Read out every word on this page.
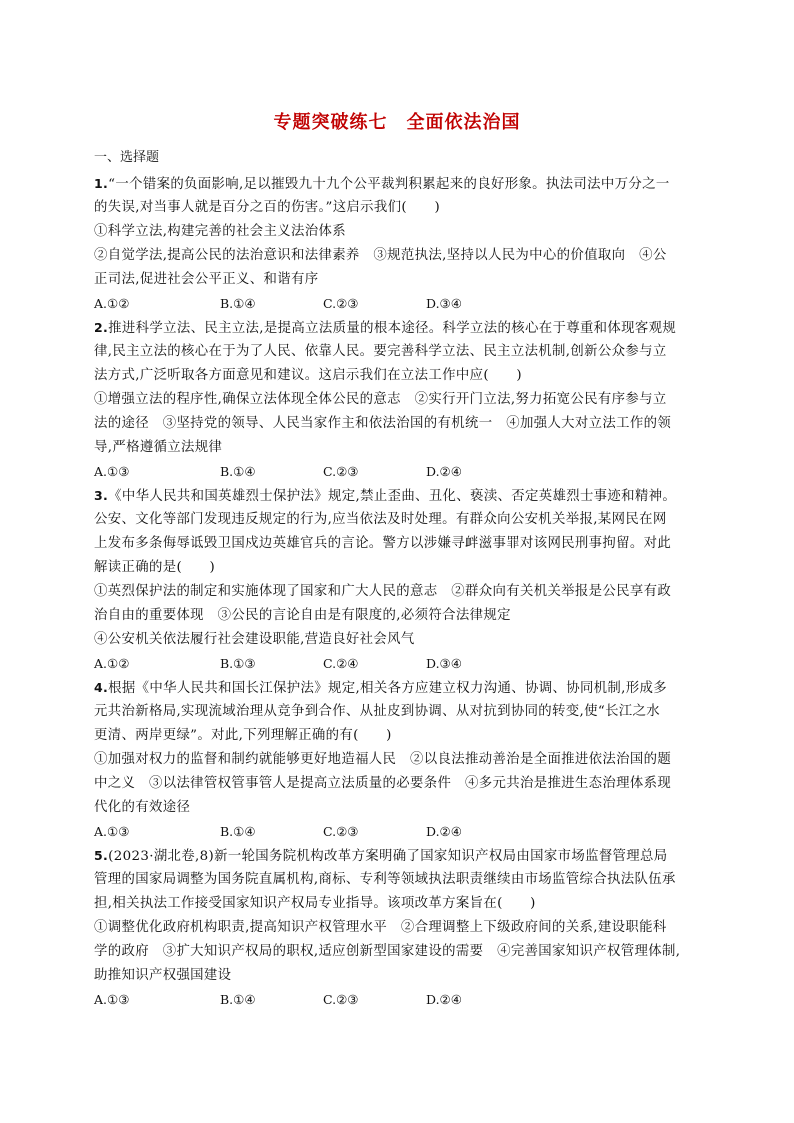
专题突破练七　全面依法治国
一、选择题
1.“一个错案的负面影响,足以摧毁九十九个公平裁判积累起来的良好形象。执法司法中万分之一
的失误,对当事人就是百分之百的伤害。”这启示我们(　　)
①科学立法,构建完善的社会主义法治体系
②自觉学法,提高公民的法治意识和法律素养　③规范执法,坚持以人民为中心的价值取向　④公
正司法,促进社会公平正义、和谐有序
A.①②	B.①④	C.②③	D.③④
2.推进科学立法、民主立法,是提高立法质量的根本途径。科学立法的核心在于尊重和体现客观规
律,民主立法的核心在于为了人民、依靠人民。要完善科学立法、民主立法机制,创新公众参与立
法方式,广泛听取各方面意见和建议。这启示我们在立法工作中应(　　)
①增强立法的程序性,确保立法体现全体公民的意志　②实行开门立法,努力拓宽公民有序参与立
法的途径　③坚持党的领导、人民当家作主和依法治国的有机统一　④加强人大对立法工作的领
导,严格遵循立法规律
A.①③	B.①④	C.②③	D.②④
3.《中华人民共和国英雄烈士保护法》规定,禁止歪曲、丑化、亵渎、否定英雄烈士事迹和精神。
公安、文化等部门发现违反规定的行为,应当依法及时处理。有群众向公安机关举报,某网民在网
上发布多条侮辱诋毁卫国戍边英雄官兵的言论。警方以涉嫌寻衅滋事罪对该网民刑事拘留。对此
解读正确的是(　　)
①英烈保护法的制定和实施体现了国家和广大人民的意志　②群众向有关机关举报是公民享有政
治自由的重要体现　③公民的言论自由是有限度的,必须符合法律规定
④公安机关依法履行社会建设职能,营造良好社会风气
A.①②	B.①③	C.②④	D.③④
4.根据《中华人民共和国长江保护法》规定,相关各方应建立权力沟通、协调、协同机制,形成多
元共治新格局,实现流域治理从竞争到合作、从扯皮到协调、从对抗到协同的转变,使“长江之水
更清、两岸更绿”。对此,下列理解正确的有(　　)
①加强对权力的监督和制约就能够更好地造福人民　②以良法推动善治是全面推进依法治国的题
中之义　③以法律管权管事管人是提高立法质量的必要条件　④多元共治是推进生态治理体系现
代化的有效途径
A.①③	B.①④	C.②③	D.②④
5.(2023·湖北卷,8)新一轮国务院机构改革方案明确了国家知识产权局由国家市场监督管理总局
管理的国家局调整为国务院直属机构,商标、专利等领域执法职责继续由市场监管综合执法队伍承
担,相关执法工作接受国家知识产权局专业指导。该项改革方案旨在(　　)
①调整优化政府机构职责,提高知识产权管理水平　②合理调整上下级政府间的关系,建设职能科
学的政府　③扩大知识产权局的职权,适应创新型国家建设的需要　④完善国家知识产权管理体制,
助推知识产权强国建设
A.①③	B.①④	C.②③	D.②④
